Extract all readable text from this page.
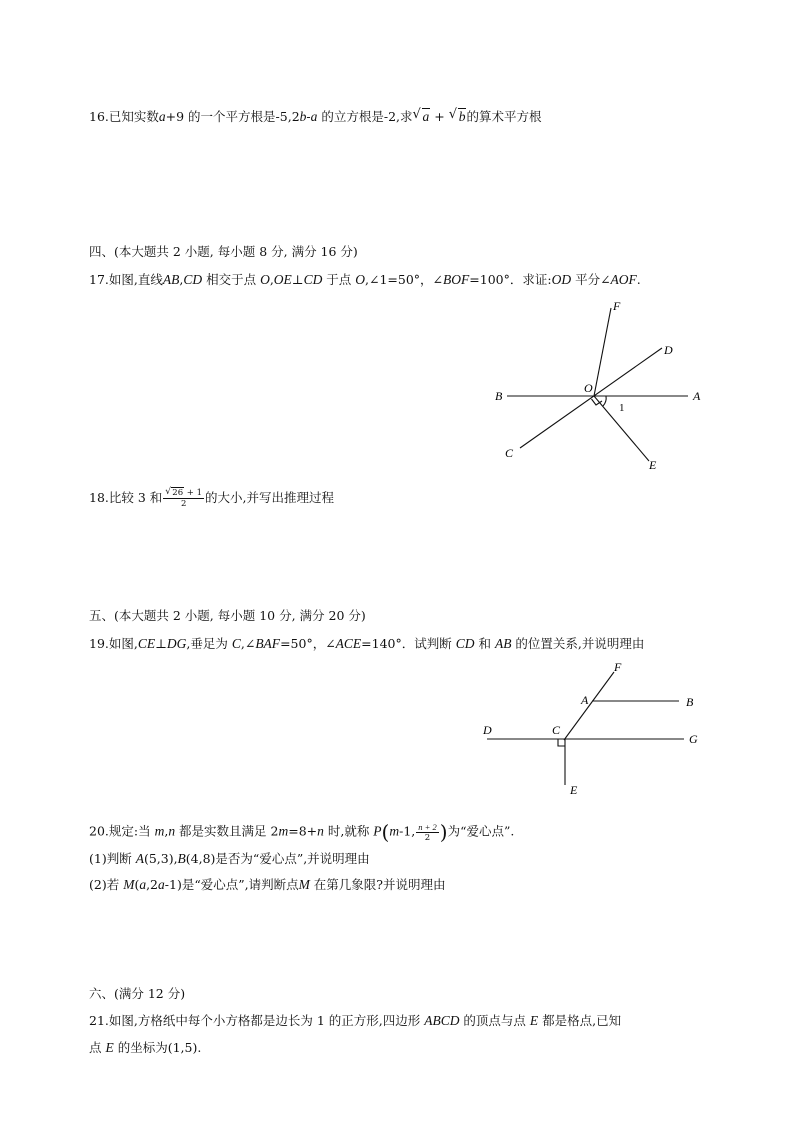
16.已知实数a+9 的一个平方根是-5,2b-a 的立方根是-2,求 √ a + √ b的算术平方根
四、(本大题共 2 小题, 每小题 8 分, 满分 16 分)
17.如图,直线AB,CD 相交于点 O,OE⊥CD 于点 O,∠1=50°，∠BOF=100°．求证:OD 平分∠AOF.
F
D
O
B	A
1
C
E
18.比较 3 和 $\frac{√ 26 + 1}{2}$ 的大小,并写出推理过程
五、(本大题共 2 小题, 每小题 10 分, 满分 20 分)
19.如图,CE⊥DG,垂足为 C,∠BAF=50°，∠ACE=140°．试判断 CD 和 AB 的位置关系,并说明理由
F
A	B
D	C
G
E
20.规定:当 m,n 都是实数且满足 2m=8+n 时,就称 P(m-1, $\frac{n + 2}{2}$ )为“爱心点”.
(1)判断 A(5,3),B(4,8)是否为“爱心点”,并说明理由
(2)若 M(a,2a-1)是“爱心点”,请判断点M 在第几象限?并说明理由
六、(满分 12 分)
21.如图,方格纸中每个小方格都是边长为 1 的正方形,四边形 ABCD 的顶点与点 E 都是格点,已知
点 E 的坐标为(1,5).
